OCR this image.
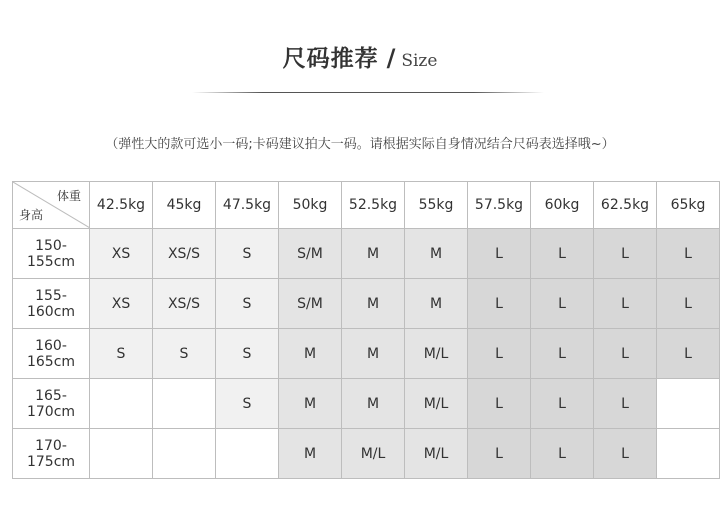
尺码推荐 / Size
（弹性大的款可选小一码;卡码建议拍大一码。请根据实际自身情况结合尺码表选择哦~）
体重
身高	42.5kg	45kg	47.5kg	50kg	52.5kg	55kg	57.5kg	60kg	62.5kg	65kg
150-155cm	XS	XS/S	S	S/M	M	M	L	L	L	L
155-160cm	XS	XS/S	S	S/M	M	M	L	L	L	L
160-165cm	S	S	S	M	M	M/L	L	L	L	L
165-170cm			S	M	M	M/L	L	L	L	
170-175cm				M	M/L	M/L	L	L	L	
